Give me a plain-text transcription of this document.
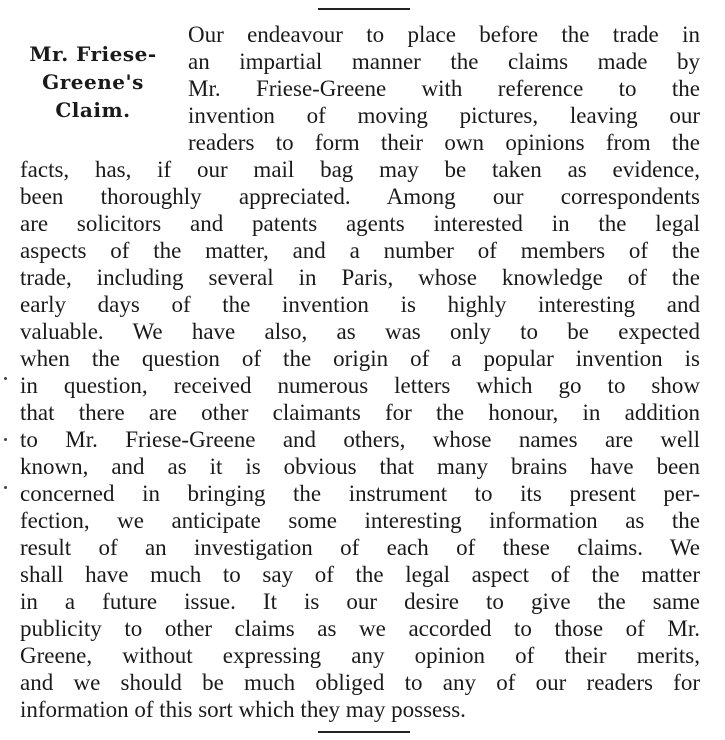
Mr. Friese-
Greene's
Claim.

Our endeavour to place before the trade in

an impartial manner the claims made by

Mr. Friese-Greene with reference to the

invention of moving pictures, leaving our

readers to form their own opinions from the

facts, has, if our mail bag may be taken as evidence,

been thoroughly appreciated. Among our correspondents

are solicitors and patents agents interested in the legal

aspects of the matter, and a number of members of the

trade, including several in Paris, whose knowledge of the

early days of the invention is highly interesting and

valuable. We have also, as was only to be expected

when the question of the origin of a popular invention is

in question, received numerous letters which go to show

that there are other claimants for the honour, in addition

to Mr. Friese-Greene and others, whose names are well

known, and as it is obvious that many brains have been

concerned in bringing the instrument to its present per-

fection, we anticipate some interesting information as the

result of an investigation of each of these claims. We

shall have much to say of the legal aspect of the matter

in a future issue. It is our desire to give the same

publicity to other claims as we accorded to those of Mr.

Greene, without expressing any opinion of their merits,

and we should be much obliged to any of our readers for

information of this sort which they may possess.
